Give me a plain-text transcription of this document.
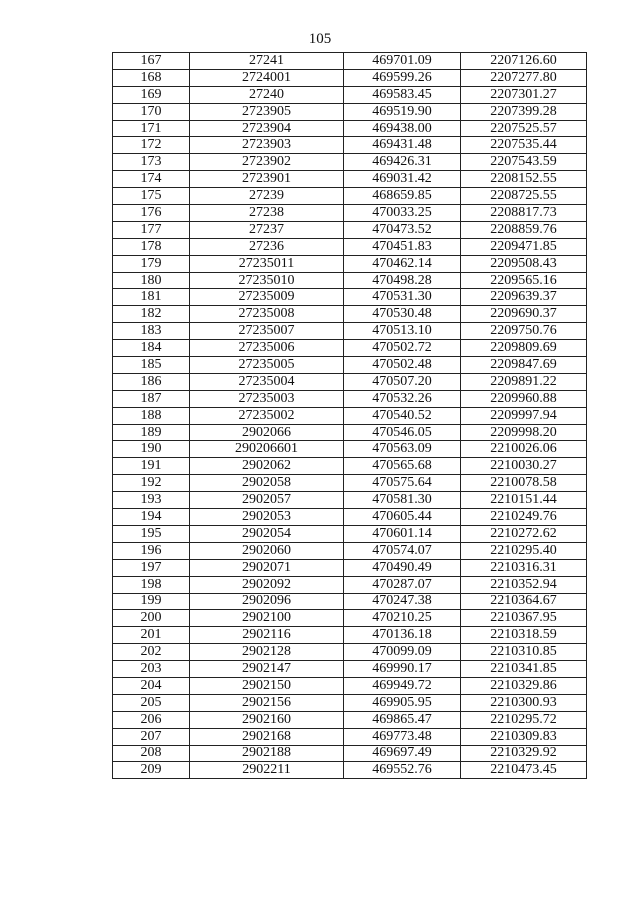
105
167	27241	469701.09	2207126.60
168	2724001	469599.26	2207277.80
169	27240	469583.45	2207301.27
170	2723905	469519.90	2207399.28
171	2723904	469438.00	2207525.57
172	2723903	469431.48	2207535.44
173	2723902	469426.31	2207543.59
174	2723901	469031.42	2208152.55
175	27239	468659.85	2208725.55
176	27238	470033.25	2208817.73
177	27237	470473.52	2208859.76
178	27236	470451.83	2209471.85
179	27235011	470462.14	2209508.43
180	27235010	470498.28	2209565.16
181	27235009	470531.30	2209639.37
182	27235008	470530.48	2209690.37
183	27235007	470513.10	2209750.76
184	27235006	470502.72	2209809.69
185	27235005	470502.48	2209847.69
186	27235004	470507.20	2209891.22
187	27235003	470532.26	2209960.88
188	27235002	470540.52	2209997.94
189	2902066	470546.05	2209998.20
190	290206601	470563.09	2210026.06
191	2902062	470565.68	2210030.27
192	2902058	470575.64	2210078.58
193	2902057	470581.30	2210151.44
194	2902053	470605.44	2210249.76
195	2902054	470601.14	2210272.62
196	2902060	470574.07	2210295.40
197	2902071	470490.49	2210316.31
198	2902092	470287.07	2210352.94
199	2902096	470247.38	2210364.67
200	2902100	470210.25	2210367.95
201	2902116	470136.18	2210318.59
202	2902128	470099.09	2210310.85
203	2902147	469990.17	2210341.85
204	2902150	469949.72	2210329.86
205	2902156	469905.95	2210300.93
206	2902160	469865.47	2210295.72
207	2902168	469773.48	2210309.83
208	2902188	469697.49	2210329.92
209	2902211	469552.76	2210473.45
